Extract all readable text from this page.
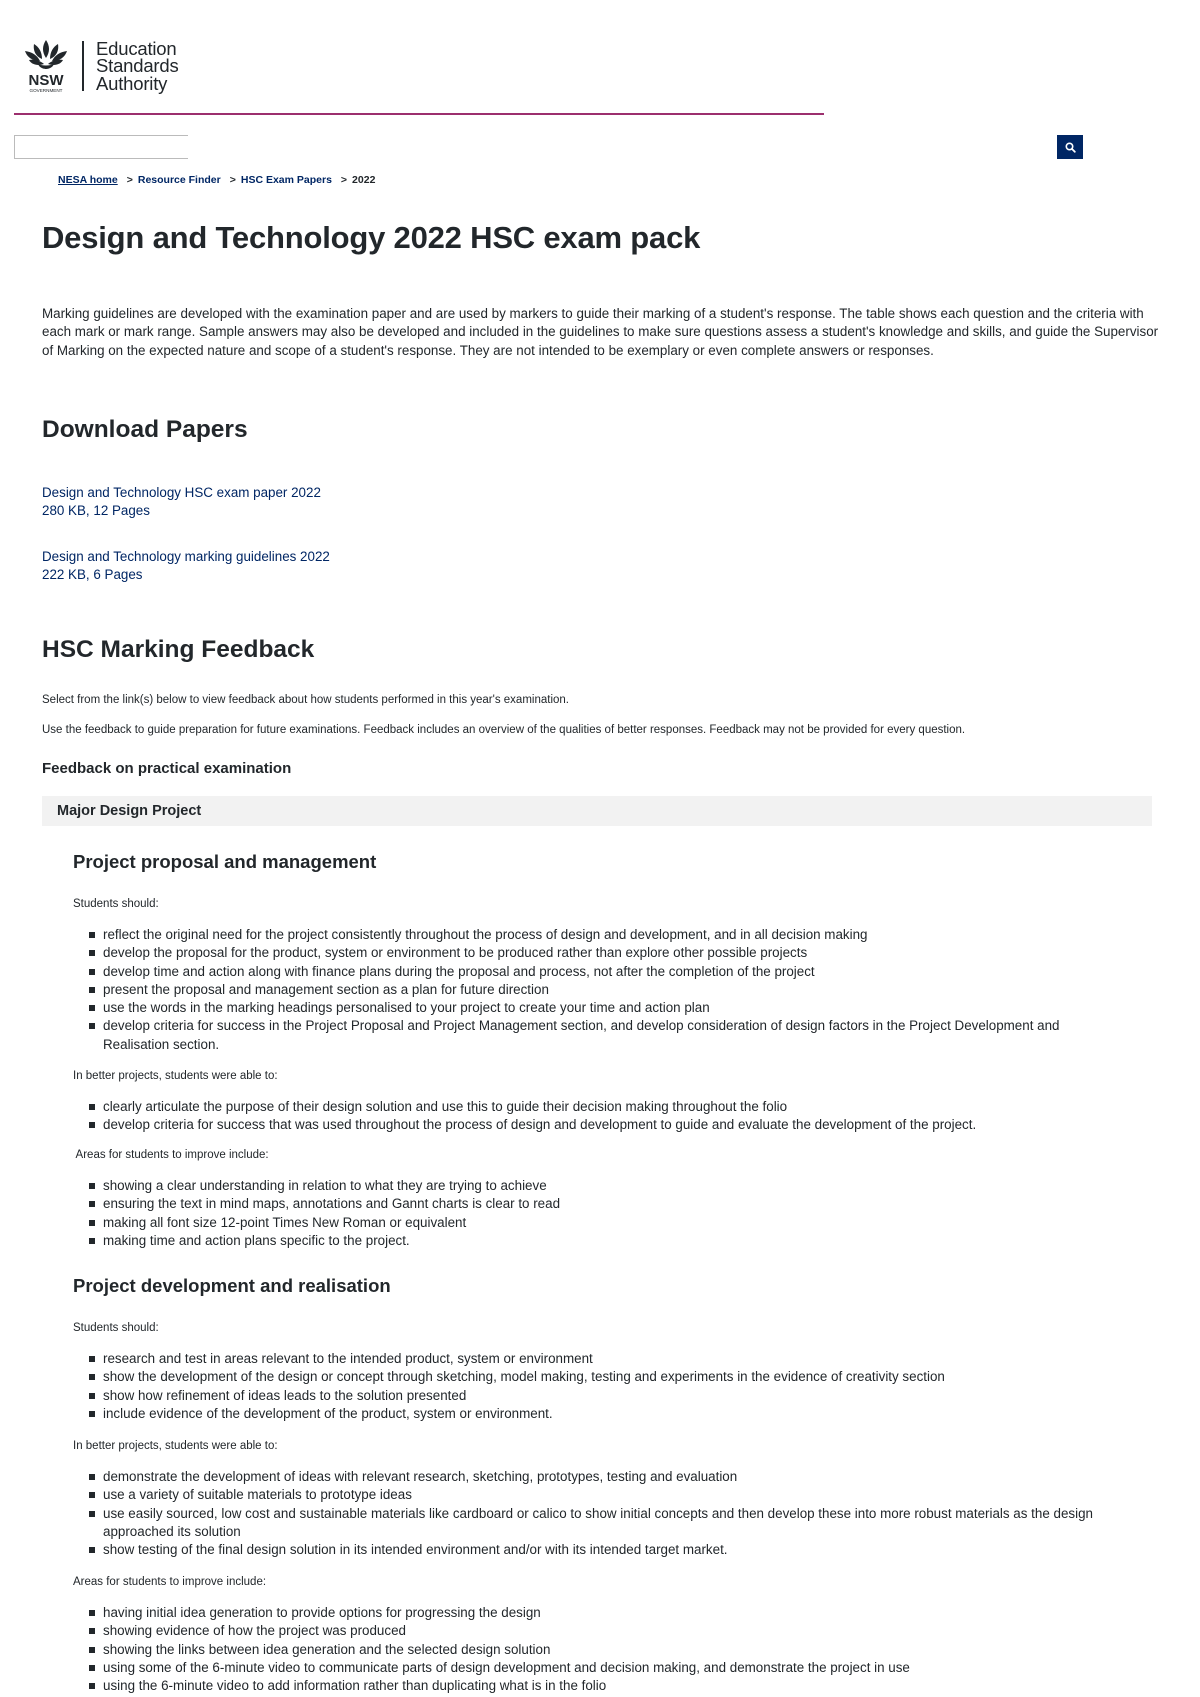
NSW
GOVERNMENT
Education
Standards
Authority
NESA home > Resource Finder > HSC Exam Papers > 2022
Design and Technology 2022 HSC exam pack

Marking guidelines are developed with the examination paper and are used by markers to guide their marking of a student's response. The table shows each question and the criteria with each mark or mark range. Sample answers may also be developed and included in the guidelines to make sure questions assess a student's knowledge and skills, and guide the Supervisor of Marking on the expected nature and scope of a student's response. They are not intended to be exemplary or even complete answers or responses.

Download Papers
Design and Technology HSC exam paper 2022
280 KB, 12 Pages
Design and Technology marking guidelines 2022
222 KB, 6 Pages
HSC Marking Feedback

Select from the link(s) below to view feedback about how students performed in this year's examination.

Use the feedback to guide preparation for future examinations. Feedback includes an overview of the qualities of better responses. Feedback may not be provided for every question.

Feedback on practical examination
Major Design Project
Project proposal and management

Students should:

reflect the original need for the project consistently throughout the process of design and development, and in all decision making
develop the proposal for the product, system or environment to be produced rather than explore other possible projects
develop time and action along with finance plans during the proposal and process, not after the completion of the project
present the proposal and management section as a plan for future direction
use the words in the marking headings personalised to your project to create your time and action plan
develop criteria for success in the Project Proposal and Project Management section, and develop consideration of design factors in the Project Development and Realisation section.

In better projects, students were able to:

clearly articulate the purpose of their design solution and use this to guide their decision making throughout the folio
develop criteria for success that was used throughout the process of design and development to guide and evaluate the development of the project.

Areas for students to improve include:

showing a clear understanding in relation to what they are trying to achieve
ensuring the text in mind maps, annotations and Gannt charts is clear to read
making all font size 12-point Times New Roman or equivalent
making time and action plans specific to the project.
Project development and realisation

Students should:

research and test in areas relevant to the intended product, system or environment
show the development of the design or concept through sketching, model making, testing and experiments in the evidence of creativity section
show how refinement of ideas leads to the solution presented
include evidence of the development of the product, system or environment.

In better projects, students were able to:

demonstrate the development of ideas with relevant research, sketching, prototypes, testing and evaluation
use a variety of suitable materials to prototype ideas
use easily sourced, low cost and sustainable materials like cardboard or calico to show initial concepts and then develop these into more robust materials as the design approached its solution
show testing of the final design solution in its intended environment and/or with its intended target market.

Areas for students to improve include:

having initial idea generation to provide options for progressing the design
showing evidence of how the project was produced
showing the links between idea generation and the selected design solution
using some of the 6-minute video to communicate parts of design development and decision making, and demonstrate the project in use
using the 6-minute video to add information rather than duplicating what is in the folio
